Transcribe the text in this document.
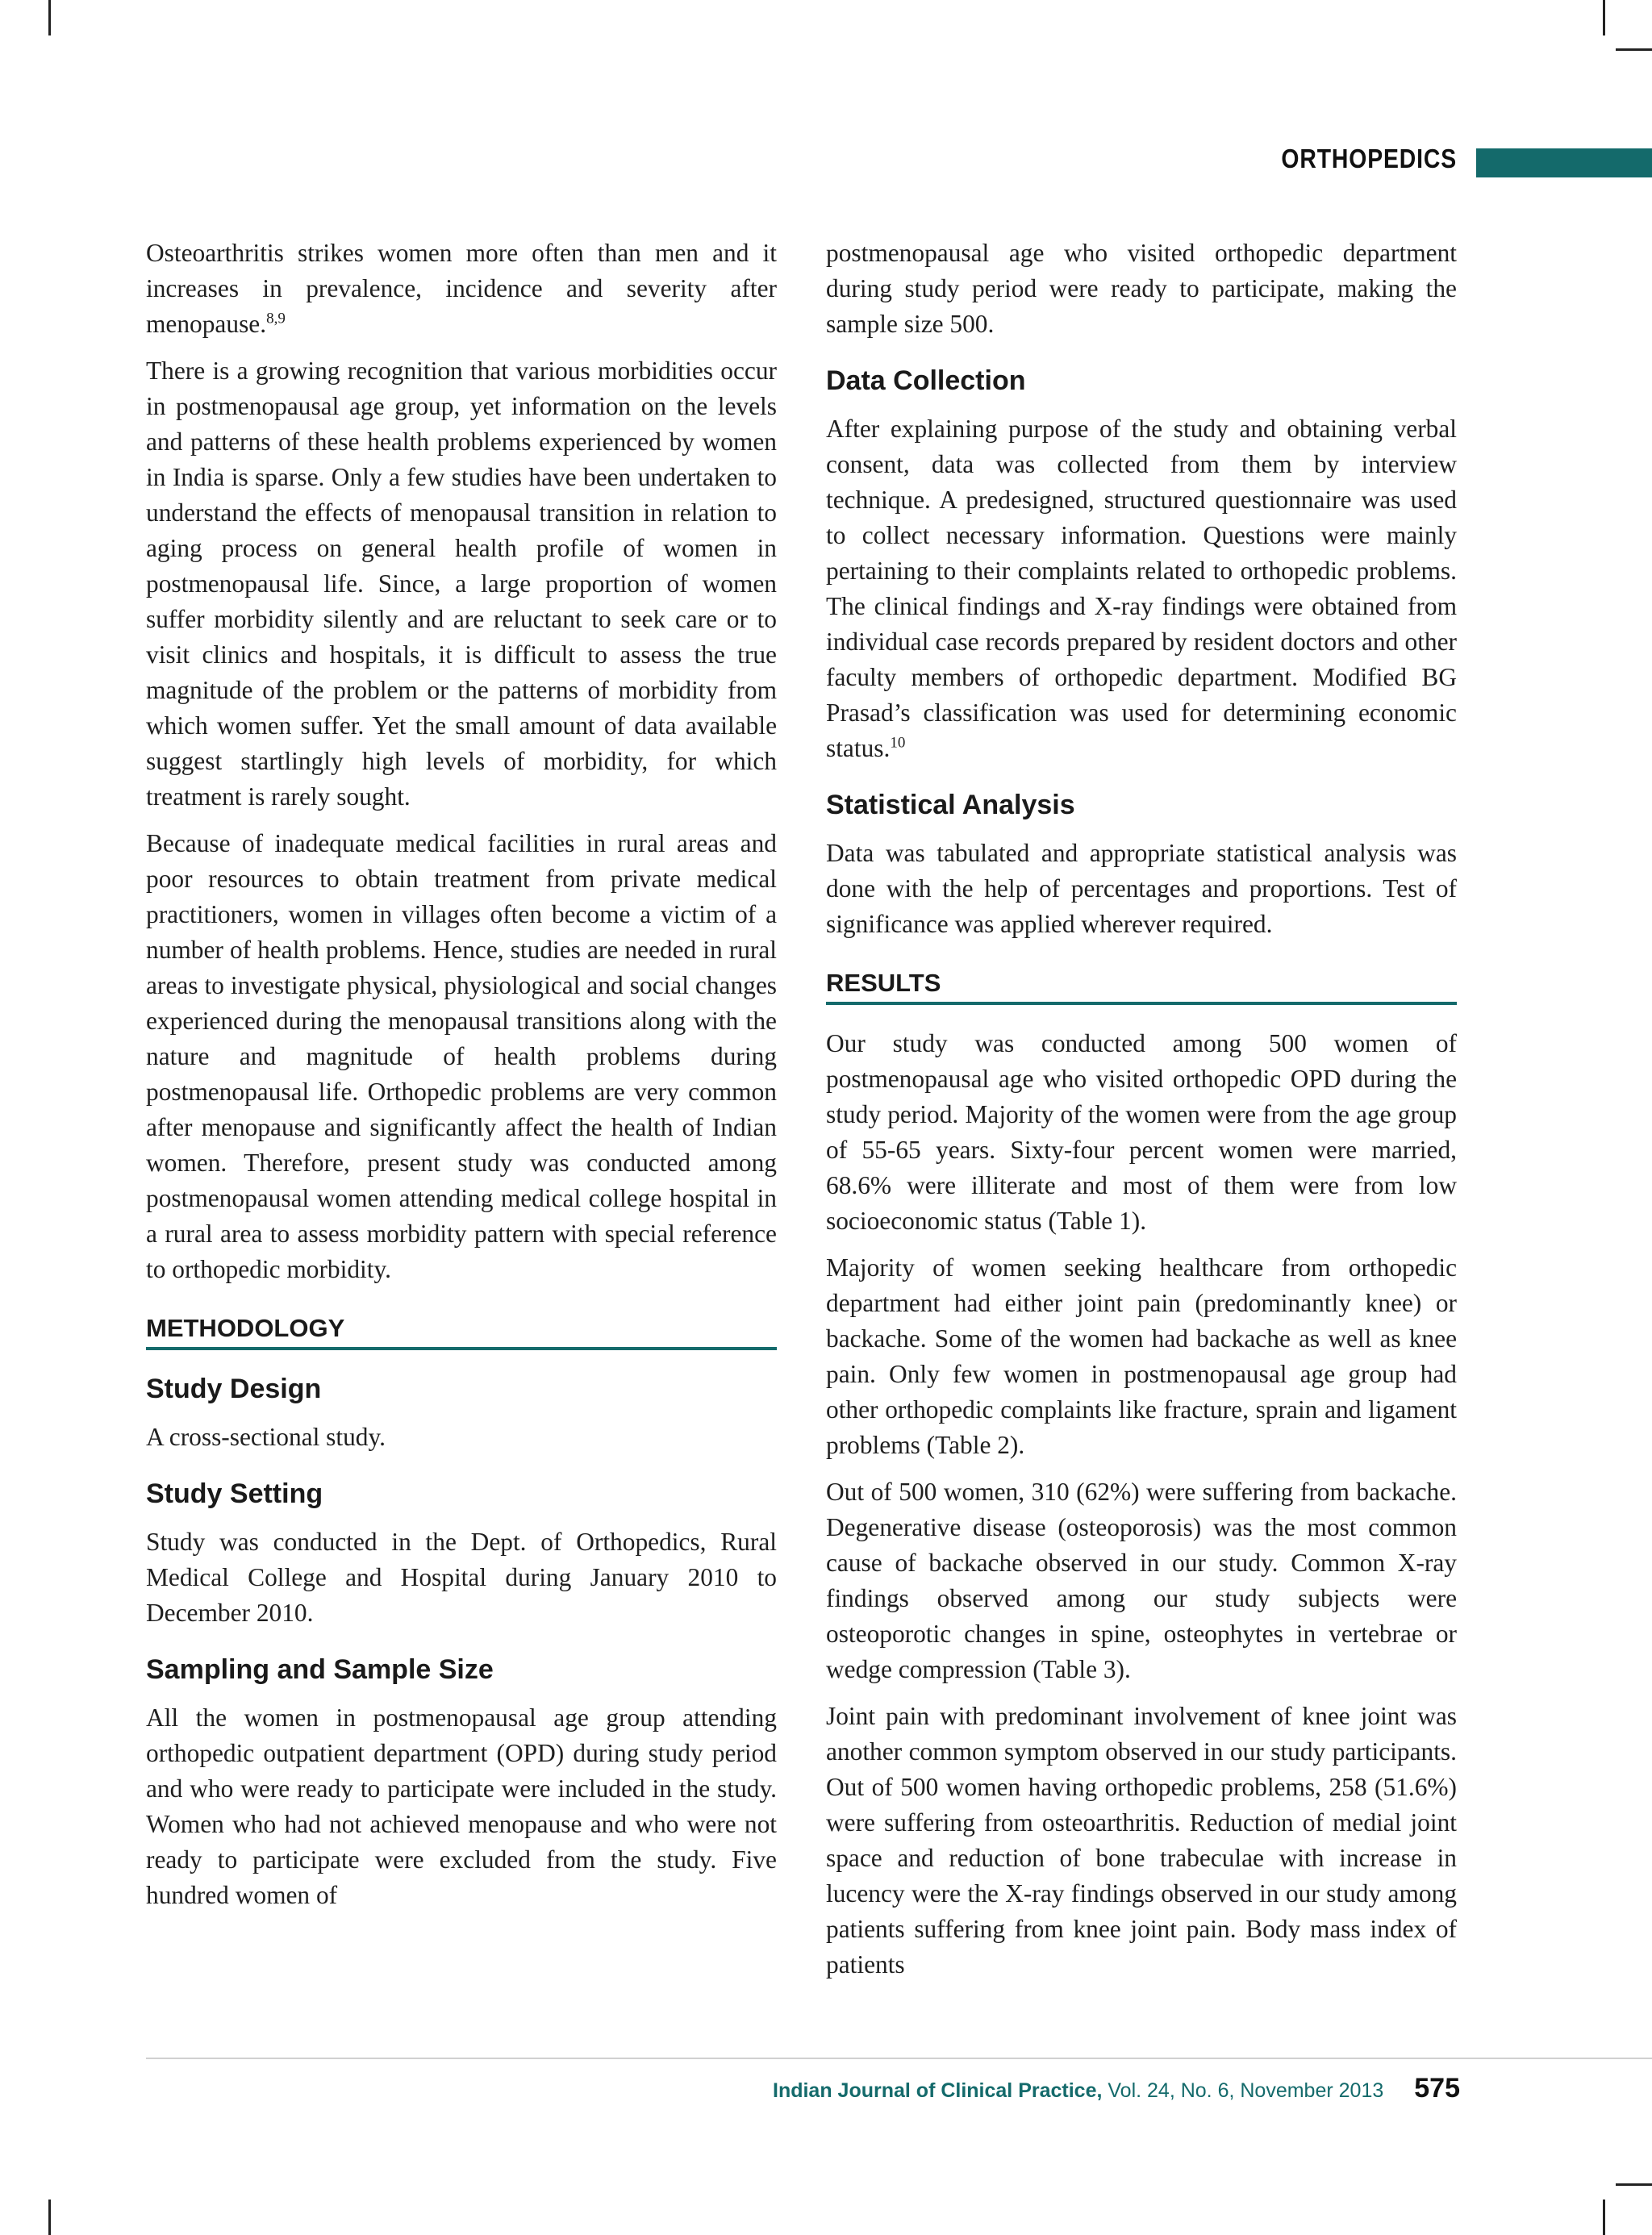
ORTHOPEDICS

Osteoarthritis strikes women more often than men and it increases in prevalence, incidence and severity after menopause.$^{8,9}$

There is a growing recognition that various morbidities occur in postmenopausal age group, yet information on the levels and patterns of these health problems experienced by women in India is sparse. Only a few studies have been undertaken to understand the effects of menopausal transition in relation to aging process on general health profile of women in postmenopausal life. Since, a large proportion of women suffer morbidity silently and are reluctant to seek care or to visit clinics and hospitals, it is difficult to assess the true magnitude of the problem or the patterns of morbidity from which women suffer. Yet the small amount of data available suggest startlingly high levels of morbidity, for which treatment is rarely sought.

Because of inadequate medical facilities in rural areas and poor resources to obtain treatment from private medical practitioners, women in villages often become a victim of a number of health problems. Hence, studies are needed in rural areas to investigate physical, physiological and social changes experienced during the menopausal transitions along with the nature and magnitude of health problems during postmenopausal life. Orthopedic problems are very common after menopause and significantly affect the health of Indian women. Therefore, present study was conducted among postmenopausal women attending medical college hospital in a rural area to assess morbidity pattern with special reference to orthopedic morbidity.

METHODOLOGY
Study Design

A cross-sectional study.

Study Setting

Study was conducted in the Dept. of Orthopedics, Rural Medical College and Hospital during January 2010 to December 2010.

Sampling and Sample Size

All the women in postmenopausal age group attending orthopedic outpatient department (OPD) during study period and who were ready to participate were included in the study. Women who had not achieved menopause and who were not ready to participate were excluded from the study. Five hundred women of

postmenopausal age who visited orthopedic department during study period were ready to participate, making the sample size 500.

Data Collection

After explaining purpose of the study and obtaining verbal consent, data was collected from them by interview technique. A predesigned, structured questionnaire was used to collect necessary information. Questions were mainly pertaining to their complaints related to orthopedic problems. The clinical findings and X-ray findings were obtained from individual case records prepared by resident doctors and other faculty members of orthopedic department. Modified BG Prasad’s classification was used for determining economic status.$^{10}$

Statistical Analysis

Data was tabulated and appropriate statistical analysis was done with the help of percentages and proportions. Test of significance was applied wherever required.

RESULTS

Our study was conducted among 500 women of postmenopausal age who visited orthopedic OPD during the study period. Majority of the women were from the age group of 55-65 years. Sixty-four percent women were married, 68.6% were illiterate and most of them were from low socioeconomic status (Table 1).

Majority of women seeking healthcare from orthopedic department had either joint pain (predominantly knee) or backache. Some of the women had backache as well as knee pain. Only few women in postmenopausal age group had other orthopedic complaints like fracture, sprain and ligament problems (Table 2).

Out of 500 women, 310 (62%) were suffering from backache. Degenerative disease (osteoporosis) was the most common cause of backache observed in our study. Common X-ray findings observed among our study subjects were osteoporotic changes in spine, osteophytes in vertebrae or wedge compression (Table 3).

Joint pain with predominant involvement of knee joint was another common symptom observed in our study participants. Out of 500 women having orthopedic problems, 258 (51.6%) were suffering from osteoarthritis. Reduction of medial joint space and reduction of bone trabeculae with increase in lucency were the X-ray findings observed in our study among patients suffering from knee joint pain. Body mass index of patients

Indian Journal of Clinical Practice, Vol. 24, No. 6, November 2013 575
